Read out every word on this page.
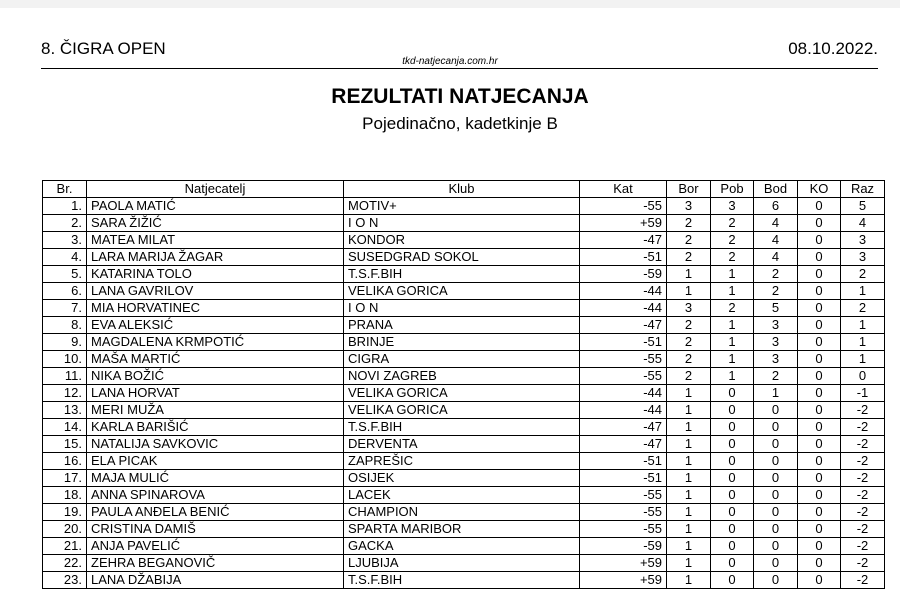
8. ČIGRA OPEN	08.10.2022.
tkd-natjecanja.com.hr
REZULTATI NATJECANJA
Pojedinačno, kadetkinje B
Br.	Natjecatelj	Klub	Kat	Bor	Pob	Bod	KO	Raz
1.	PAOLA MATIĆ	MOTIV+	-55	3	3	6	0	5
2.	SARA ŽIŽIĆ	I O N	+59	2	2	4	0	4
3.	MATEA MILAT	KONDOR	-47	2	2	4	0	3
4.	LARA MARIJA ŽAGAR	SUSEDGRAD SOKOL	-51	2	2	4	0	3
5.	KATARINA TOLO	T.S.F.BIH	-59	1	1	2	0	2
6.	LANA GAVRILOV	VELIKA GORICA	-44	1	1	2	0	1
7.	MIA HORVATINEC	I O N	-44	3	2	5	0	2
8.	EVA ALEKSIĆ	PRANA	-47	2	1	3	0	1
9.	MAGDALENA KRMPOTIĆ	BRINJE	-51	2	1	3	0	1
10.	MAŠA MARTIĆ	CIGRA	-55	2	1	3	0	1
11.	NIKA BOŽIĆ	NOVI ZAGREB	-55	2	1	2	0	0
12.	LANA HORVAT	VELIKA GORICA	-44	1	0	1	0	-1
13.	MERI MUŽA	VELIKA GORICA	-44	1	0	0	0	-2
14.	KARLA BARIŠIĆ	T.S.F.BIH	-47	1	0	0	0	-2
15.	NATALIJA SAVKOVIC	DERVENTA	-47	1	0	0	0	-2
16.	ELA PICAK	ZAPREŠIC	-51	1	0	0	0	-2
17.	MAJA MULIĆ	OSIJEK	-51	1	0	0	0	-2
18.	ANNA SPINAROVA	LACEK	-55	1	0	0	0	-2
19.	PAULA ANĐELA BENIĆ	CHAMPION	-55	1	0	0	0	-2
20.	CRISTINA DAMIŠ	SPARTA MARIBOR	-55	1	0	0	0	-2
21.	ANJA PAVELIĆ	GACKA	-59	1	0	0	0	-2
22.	ZEHRA BEGANOVIČ	LJUBIJA	+59	1	0	0	0	-2
23.	LANA DŽABIJA	T.S.F.BIH	+59	1	0	0	0	-2
